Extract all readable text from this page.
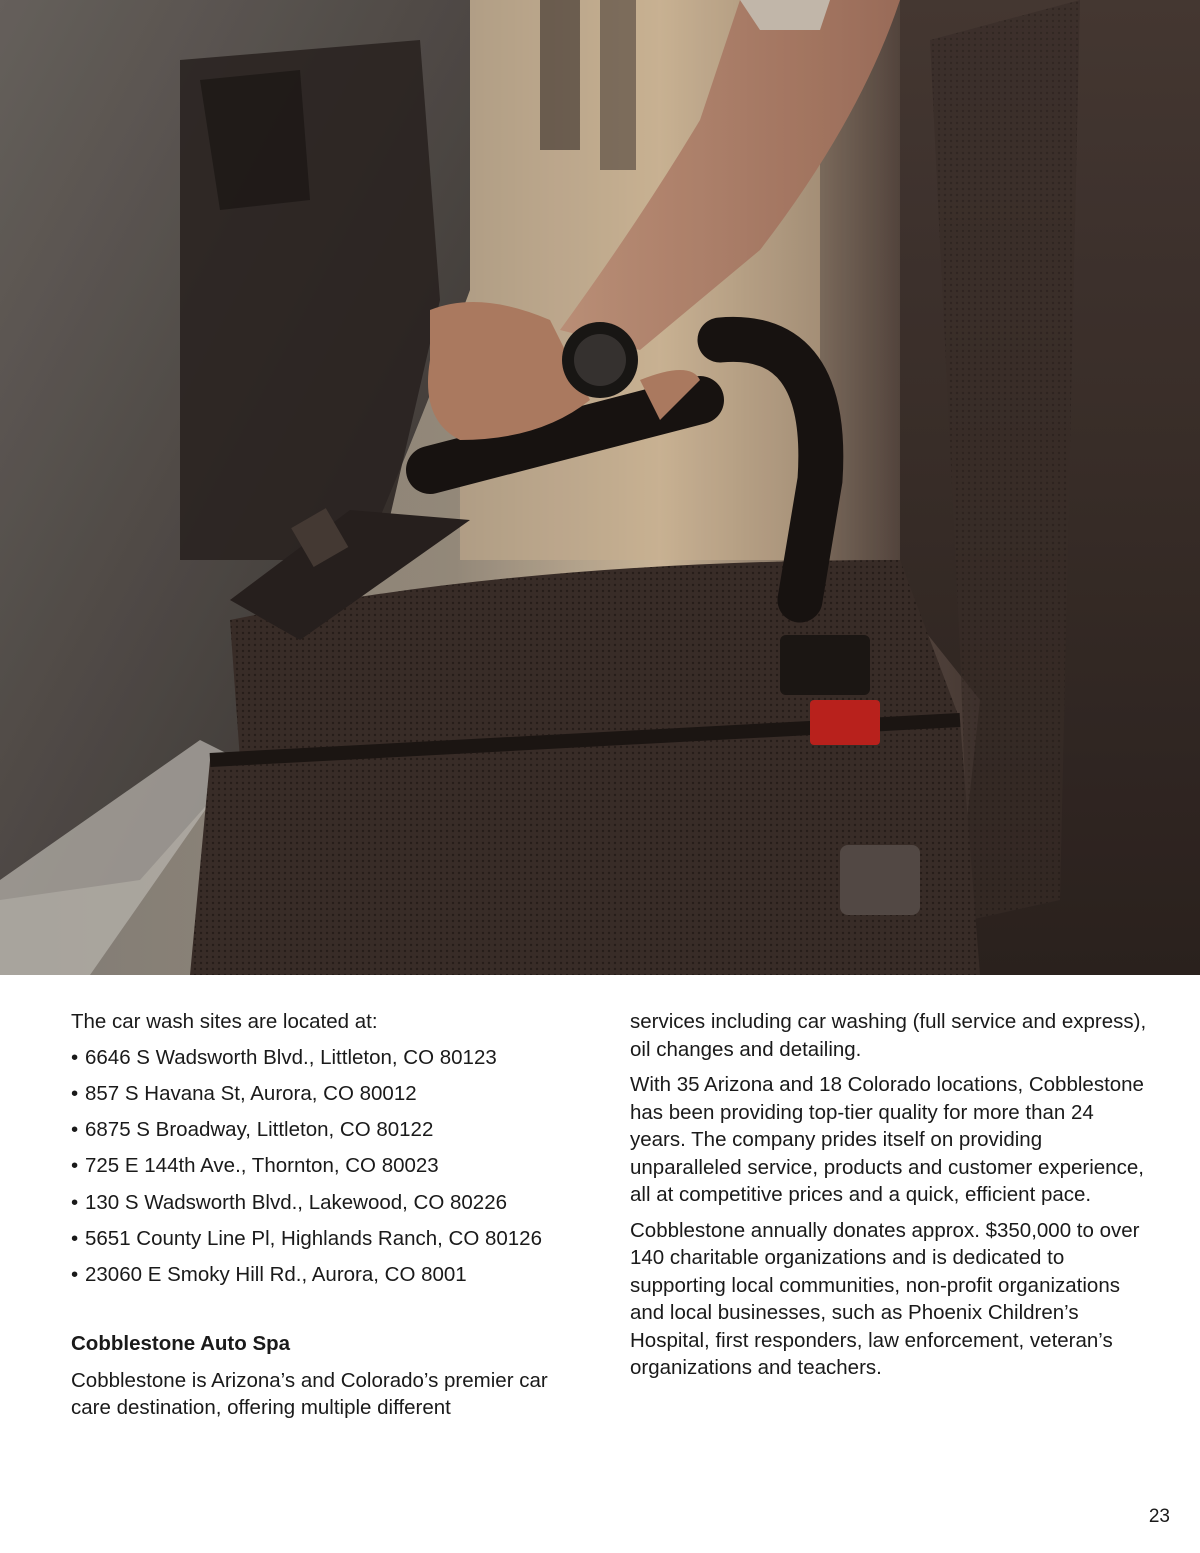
The car wash sites are located at:

• 6646 S Wadsworth Blvd., Littleton, CO 80123
• 857 S Havana St, Aurora, CO 80012
• 6875 S Broadway, Littleton, CO 80122
• 725 E 144th Ave., Thornton, CO 80023
• 130 S Wadsworth Blvd., Lakewood, CO 80226
• 5651 County Line Pl, Highlands Ranch, CO 80126
• 23060 E Smoky Hill Rd., Aurora, CO 8001
Cobblestone Auto Spa

Cobblestone is Arizona’s and Colorado’s premier car care destination, offering multiple different

services including car washing (full service and express), oil changes and detailing.

With 35 Arizona and 18 Colorado locations, Cobblestone has been providing top-tier quality for more than 24 years. The company prides itself on providing unparalleled service, products and customer experience, all at competitive prices and a quick, efficient pace.

Cobblestone annually donates approx. $350,000 to over 140 charitable organizations and is dedicated to supporting local communities, non-profit organizations and local businesses, such as Phoenix Children’s Hospital, first responders, law enforcement, veteran’s organizations and teachers.

23
